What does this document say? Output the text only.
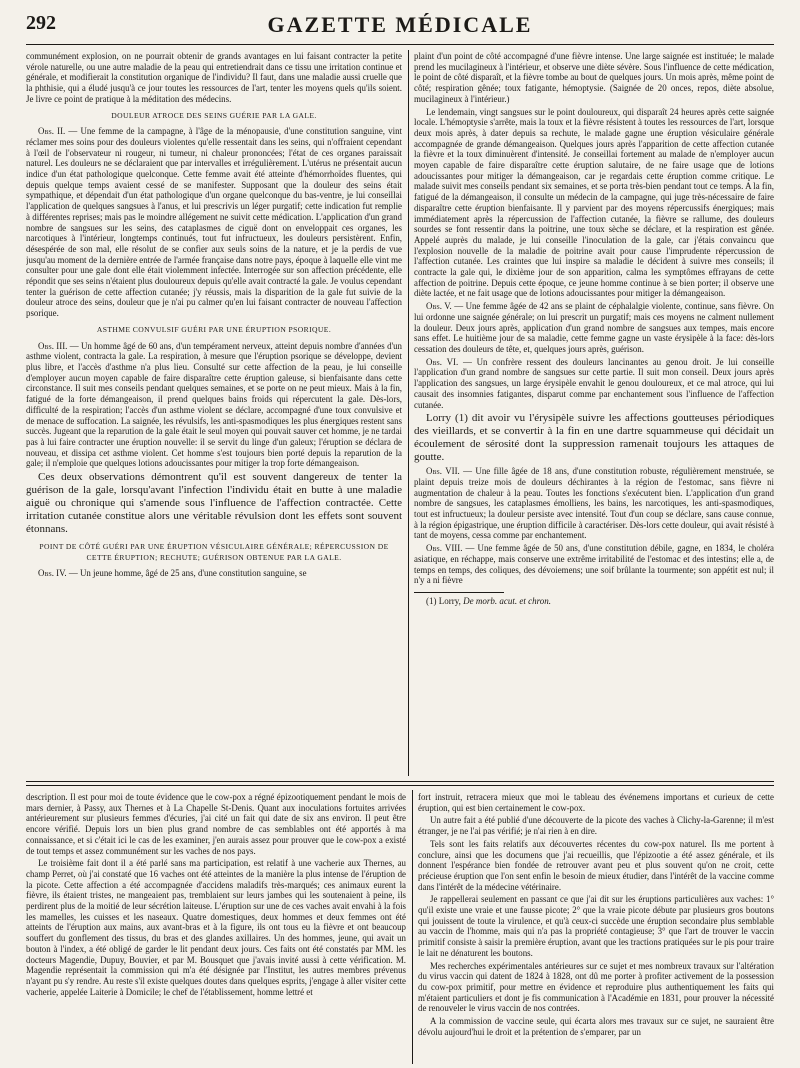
292	GAZETTE MÉDICALE

communément explosion, on ne pourrait obtenir de grands avantages en lui faisant contracter la petite vérole naturelle, ou une autre maladie de la peau qui entretiendrait dans ce tissu une irritation continue et générale, et modifierait la constitution organique de l'individu? Il faut, dans une maladie aussi cruelle que la phthisie, qui a éludé jusqu'à ce jour toutes les ressources de l'art, tenter les moyens quels qu'ils soient. Je livre ce point de pratique à la méditation des médecins.

DOULEUR ATROCE DES SEINS GUÉRIE PAR LA GALE.

Obs. II. — Une femme de la campagne, à l'âge de la ménopausie, d'une constitution sanguine, vint réclamer mes soins pour des douleurs violentes qu'elle ressentait dans les seins, qui n'offraient cependant à l'œil de l'observateur ni rougeur, ni tumeur, ni chaleur prononcées; l'état de ces organes paraissait naturel. Les douleurs ne se déclaraient que par intervalles et irrégulièrement. L'utérus ne présentait aucun indice d'un état pathologique quelconque. Cette femme avait été atteinte d'hémorrhoïdes fluentes, qui depuis quelque temps avaient cessé de se manifester. Supposant que la douleur des seins était sympathique, et dépendait d'un état pathologique d'un organe quelconque du bas-ventre, je lui conseillai l'application de quelques sangsues à l'anus, et lui prescrivis un léger purgatif; cette indication fut remplie à différentes reprises; mais pas le moindre allégement ne suivit cette médication. L'application d'un grand nombre de sangsues sur les seins, des cataplasmes de ciguë dont on enveloppait ces organes, les narcotiques à l'intérieur, longtemps continués, tout fut infructueux, les douleurs persistèrent. Enfin, désespérée de son mal, elle résolut de se confier aux seuls soins de la nature, et je la perdis de vue jusqu'au moment de la dernière entrée de l'armée française dans notre pays, époque à laquelle elle vint me consulter pour une gale dont elle était violemment infectée. Interrogée sur son affection précédente, elle répondit que ses seins n'étaient plus douloureux depuis qu'elle avait contracté la gale. Je voulus cependant tenter la guérison de cette affection cutanée; j'y réussis, mais la disparition de la gale fut suivie de la douleur atroce des seins, douleur que je n'ai pu calmer qu'en lui faisant contracter de nouveau l'affection psorique.

ASTHME CONVULSIF GUÉRI PAR UNE ÉRUPTION PSORIQUE.

Obs. III. — Un homme âgé de 60 ans, d'un tempérament nerveux, atteint depuis nombre d'années d'un asthme violent, contracta la gale. La respiration, à mesure que l'éruption psorique se développe, devient plus libre, et l'accès d'asthme n'a plus lieu. Consulté sur cette affection de la peau, je lui conseille d'employer aucun moyen capable de faire disparaître cette éruption galeuse, si bienfaisante dans cette circonstance. Il suit mes conseils pendant quelques semaines, et se porte on ne peut mieux. Mais à la fin, fatigué de la forte démangeaison, il prend quelques bains froids qui répercutent la gale. Dès-lors, difficulté de la respiration; l'accès d'un asthme violent se déclare, accompagné d'une toux convulsive et de menace de suffocation. La saignée, les révulsifs, les anti-spasmodiques les plus énergiques restent sans succès. Jugeant que la reparution de la gale était le seul moyen qui pouvait sauver cet homme, je ne tardai pas à lui faire contracter une éruption nouvelle: il se servit du linge d'un galeux; l'éruption se déclara de nouveau, et dissipa cet asthme violent. Cet homme s'est toujours bien porté depuis la reparution de la gale; il n'emploie que quelques lotions adoucissantes pour mitiger la trop forte démangeaison.

Ces deux observations démontrent qu'il est souvent dangereux de tenter la guérison de la gale, lorsqu'avant l'infection l'individu était en butte à une maladie aiguë ou chronique qui s'amende sous l'influence de l'affection contractée. Cette irritation cutanée constitue alors une véritable révulsion dont les effets sont souvent étonnans.

POINT DE CÔTÉ GUÉRI PAR UNE ÉRUPTION VÉSICULAIRE GÉNÉRALE; RÉPERCUSSION DE CETTE ÉRUPTION; RECHUTE; GUÉRISON OBTENUE PAR LA GALE.

Obs. IV. — Un jeune homme, âgé de 25 ans, d'une constitution sanguine, se

plaint d'un point de côté accompagné d'une fièvre intense. Une large saignée est instituée; le malade prend les mucilagineux à l'intérieur, et observe une diète sévère. Sous l'influence de cette médication, le point de côté disparaît, et la fièvre tombe au bout de quelques jours. Un mois après, même point de côté; respiration gênée; toux fatigante, hémoptysie. (Saignée de 20 onces, repos, diète absolue, mucilagineux à l'intérieur.)

Le lendemain, vingt sangsues sur le point douloureux, qui disparaît 24 heures après cette saignée locale. L'hémoptysie s'arrête, mais la toux et la fièvre résistent à toutes les ressources de l'art, lorsque deux mois après, à dater depuis sa rechute, le malade gagne une éruption vésiculaire générale accompagnée de grande démangeaison. Quelques jours après l'apparition de cette affection cutanée la fièvre et la toux diminuèrent d'intensité. Je conseillai fortement au malade de n'employer aucun moyen capable de faire disparaître cette éruption salutaire, de ne faire usage que de lotions adoucissantes pour mitiger la démangeaison, car je regardais cette éruption comme critique. Le malade suivit mes conseils pendant six semaines, et se porta très-bien pendant tout ce temps. A la fin, fatigué de la démangeaison, il consulte un médecin de la campagne, qui juge très-nécessaire de faire disparaître cette éruption bienfaisante. Il y parvient par des moyens répercussifs énergiques; mais immédiatement après la répercussion de l'affection cutanée, la fièvre se rallume, des douleurs sourdes se font ressentir dans la poitrine, une toux sèche se déclare, et la respiration est gênée. Appelé auprès du malade, je lui conseille l'inoculation de la gale, car j'étais convaincu que l'explosion nouvelle de la maladie de poitrine avait pour cause l'imprudente répercussion de l'affection cutanée. Les craintes que lui inspire sa maladie le décident à suivre mes conseils; il contracte la gale qui, le dixième jour de son apparition, calma les symptômes effrayans de cette affection de poitrine. Depuis cette époque, ce jeune homme continue à se bien porter; il observe une diète lactée, et ne fait usage que de lotions adoucissantes pour mitiger la démangeaison.

Obs. V. — Une femme âgée de 42 ans se plaint de céphalalgie violente, continue, sans fièvre. On lui ordonne une saignée générale; on lui prescrit un purgatif; mais ces moyens ne calment nullement la douleur. Deux jours après, application d'un grand nombre de sangsues aux tempes, mais encore sans effet. Le huitième jour de sa maladie, cette femme gagne un vaste érysipèle à la face: dès-lors cessation des douleurs de tête, et, quelques jours après, guérison.

Obs. VI. — Un confrère ressent des douleurs lancinantes au genou droit. Je lui conseille l'application d'un grand nombre de sangsues sur cette partie. Il suit mon conseil. Deux jours après l'application des sangsues, un large érysipèle envahit le genou douloureux, et ce mal atroce, qui lui causait des insomnies fatigantes, disparut comme par enchantement sous l'influence de l'affection cutanée.

Lorry (1) dit avoir vu l'érysipèle suivre les affections goutteuses périodiques des vieillards, et se convertir à la fin en une dartre squammeuse qui décidait un écoulement de sérosité dont la suppression ramenait toujours les attaques de goutte.

Obs. VII. — Une fille âgée de 18 ans, d'une constitution robuste, régulièrement menstruée, se plaint depuis treize mois de douleurs déchirantes à la région de l'estomac, sans fièvre ni augmentation de chaleur à la peau. Toutes les fonctions s'exécutent bien. L'application d'un grand nombre de sangsues, les cataplasmes émolliens, les bains, les narcotiques, les anti-spasmodiques, tout est infructueux; la douleur persiste avec intensité. Tout d'un coup se déclare, sans cause connue, à la région épigastrique, une éruption difficile à caractériser. Dès-lors cette douleur, qui avait résisté à tant de moyens, cessa comme par enchantement.

Obs. VIII. — Une femme âgée de 50 ans, d'une constitution débile, gagne, en 1834, le choléra asiatique, en réchappe, mais conserve une extrême irritabilité de l'estomac et des intestins; elle a, de temps en temps, des coliques, des dévoiemens; une soif brûlante la tourmente; son appétit est nul; il n'y a ni fièvre

(1) Lorry, De morb. acut. et chron.

description. Il est pour moi de toute évidence que le cow-pox a régné épizootiquement pendant le mois de mars dernier, à Passy, aux Thernes et à La Chapelle St-Denis. Quant aux inoculations fortuites arrivées antérieurement sur plusieurs femmes d'écuries, j'ai cité un fait qui date de six ans environ. Il peut être encore vérifié. Depuis lors un bien plus grand nombre de cas semblables ont été apportés à ma connaissance, et si c'était ici le cas de les examiner, j'en aurais assez pour prouver que le cow-pox a existé de tout temps et assez communément sur les vaches de nos pays.

Le troisième fait dont il a été parlé sans ma participation, est relatif à une vacherie aux Thernes, au champ Perret, où j'ai constaté que 16 vaches ont été atteintes de la manière la plus intense de l'éruption de la picote. Cette affection a été accompagnée d'accidens maladifs très-marqués; ces animaux eurent la fièvre, ils étaient tristes, ne mangeaient pas, tremblaient sur leurs jambes qui les soutenaient à peine, ils perdirent plus de la moitié de leur sécrétion laiteuse. L'éruption sur une de ces vaches avait envahi à la fois les mamelles, les cuisses et les naseaux. Quatre domestiques, deux hommes et deux femmes ont été atteints de l'éruption aux mains, aux avant-bras et à la figure, ils ont tous eu la fièvre et ont beaucoup souffert du gonflement des tissus, du bras et des glandes axillaires. Un des hommes, jeune, qui avait un bouton à l'index, a été obligé de garder le lit pendant deux jours. Ces faits ont été constatés par MM. les docteurs Magendie, Dupuy, Bouvier, et par M. Bousquet que j'avais invité aussi à cette vérification. M. Magendie représentait la commission qui m'a été désignée par l'Institut, les autres membres prévenus n'ayant pu s'y rendre. Au reste s'il existe quelques doutes dans quelques esprits, j'engage à aller visiter cette vacherie, appelée Laiterie à Domicile; le chef de l'établissement, homme lettré et

fort instruit, retracera mieux que moi le tableau des événemens importans et curieux de cette éruption, qui est bien certainement le cow-pox.

Un autre fait a été publié d'une découverte de la picote des vaches à Clichy-la-Garenne; il m'est étranger, je ne l'ai pas vérifié; je n'ai rien à en dire.

Tels sont les faits relatifs aux découvertes récentes du cow-pox naturel. Ils me portent à conclure, ainsi que les documens que j'ai recueillis, que l'épizootie a été assez générale, et ils donnent l'espérance bien fondée de retrouver avant peu et plus souvent qu'on ne croit, cette précieuse éruption que l'on sent enfin le besoin de mieux étudier, dans l'intérêt de la vaccine comme dans l'intérêt de la médecine vétérinaire.

Je rappellerai seulement en passant ce que j'ai dit sur les éruptions particulières aux vaches: 1° qu'il existe une vraie et une fausse picote; 2° que la vraie picote débute par plusieurs gros boutons qui jouissent de toute la virulence, et qu'à ceux-ci succède une éruption secondaire plus semblable au vaccin de l'homme, mais qui n'a pas la propriété contagieuse; 3° que l'art de trouver le vaccin primitif consiste à saisir la première éruption, avant que les tractions pratiquées sur le pis pour traire le lait ne dénaturent les boutons.

Mes recherches expérimentales antérieures sur ce sujet et mes nombreux travaux sur l'altération du virus vaccin qui datent de 1824 à 1828, ont dû me porter à profiter activement de la possession du cow-pox primitif, pour mettre en évidence et reproduire plus authentiquement les faits qui m'étaient particuliers et dont je fis communication à l'Académie en 1831, pour prouver la nécessité de renouveler le virus vaccin de nos contrées.

A la commission de vaccine seule, qui écarta alors mes travaux sur ce sujet, ne sauraient être dévolu aujourd'hui le droit et la prétention de s'emparer, par un
